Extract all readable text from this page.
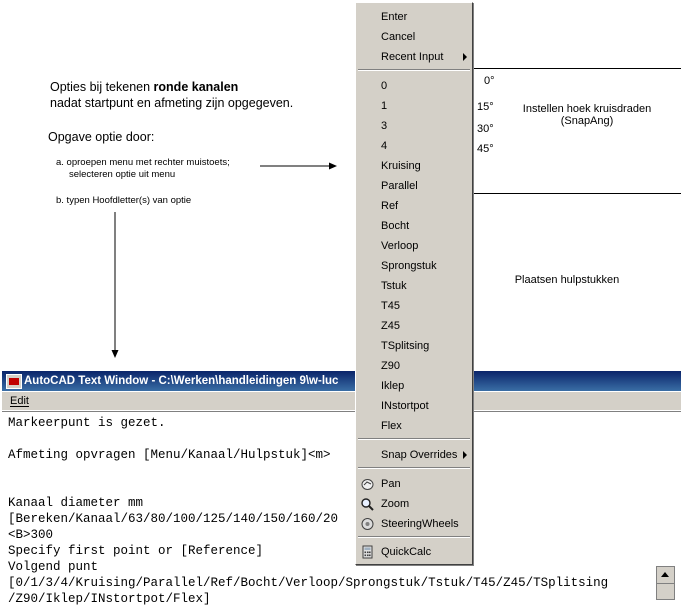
Opties bij tekenen ronde kanalen
nadat startpunt en afmeting zijn opgegeven.
Opgave optie door:
a. oproepen menu met rechter muistoets;
selecteren optie uit menu
b. typen Hoofdletter(s) van optie
0°
15°
30°
45°
Instellen hoek kruisdraden
(SnapAng)
Plaatsen hulpstukken
AutoCAD Text Window - C:\Werken\handleidingen 9\w-luc
Edit
Markeerpunt is gezet.
Afmeting opvragen [Menu/Kanaal/Hulpstuk]<m>
Kanaal diameter mm
[Bereken/Kanaal/63/80/100/125/140/150/160/20
<B>300
Specify first point or [Reference]
Volgend punt
[0/1/3/4/Kruising/Parallel/Ref/Bocht/Verloop/Sprongstuk/Tstuk/T45/Z45/TSplitsing
/Z90/Iklep/INstortpot/Flex]
Enter
Cancel
Recent Input
0
1
3
4
Kruising
Parallel
Ref
Bocht
Verloop
Sprongstuk
Tstuk
T45
Z45
TSplitsing
Z90
Iklep
INstortpot
Flex
Snap Overrides
Pan
Zoom
SteeringWheels
QuickCalc
